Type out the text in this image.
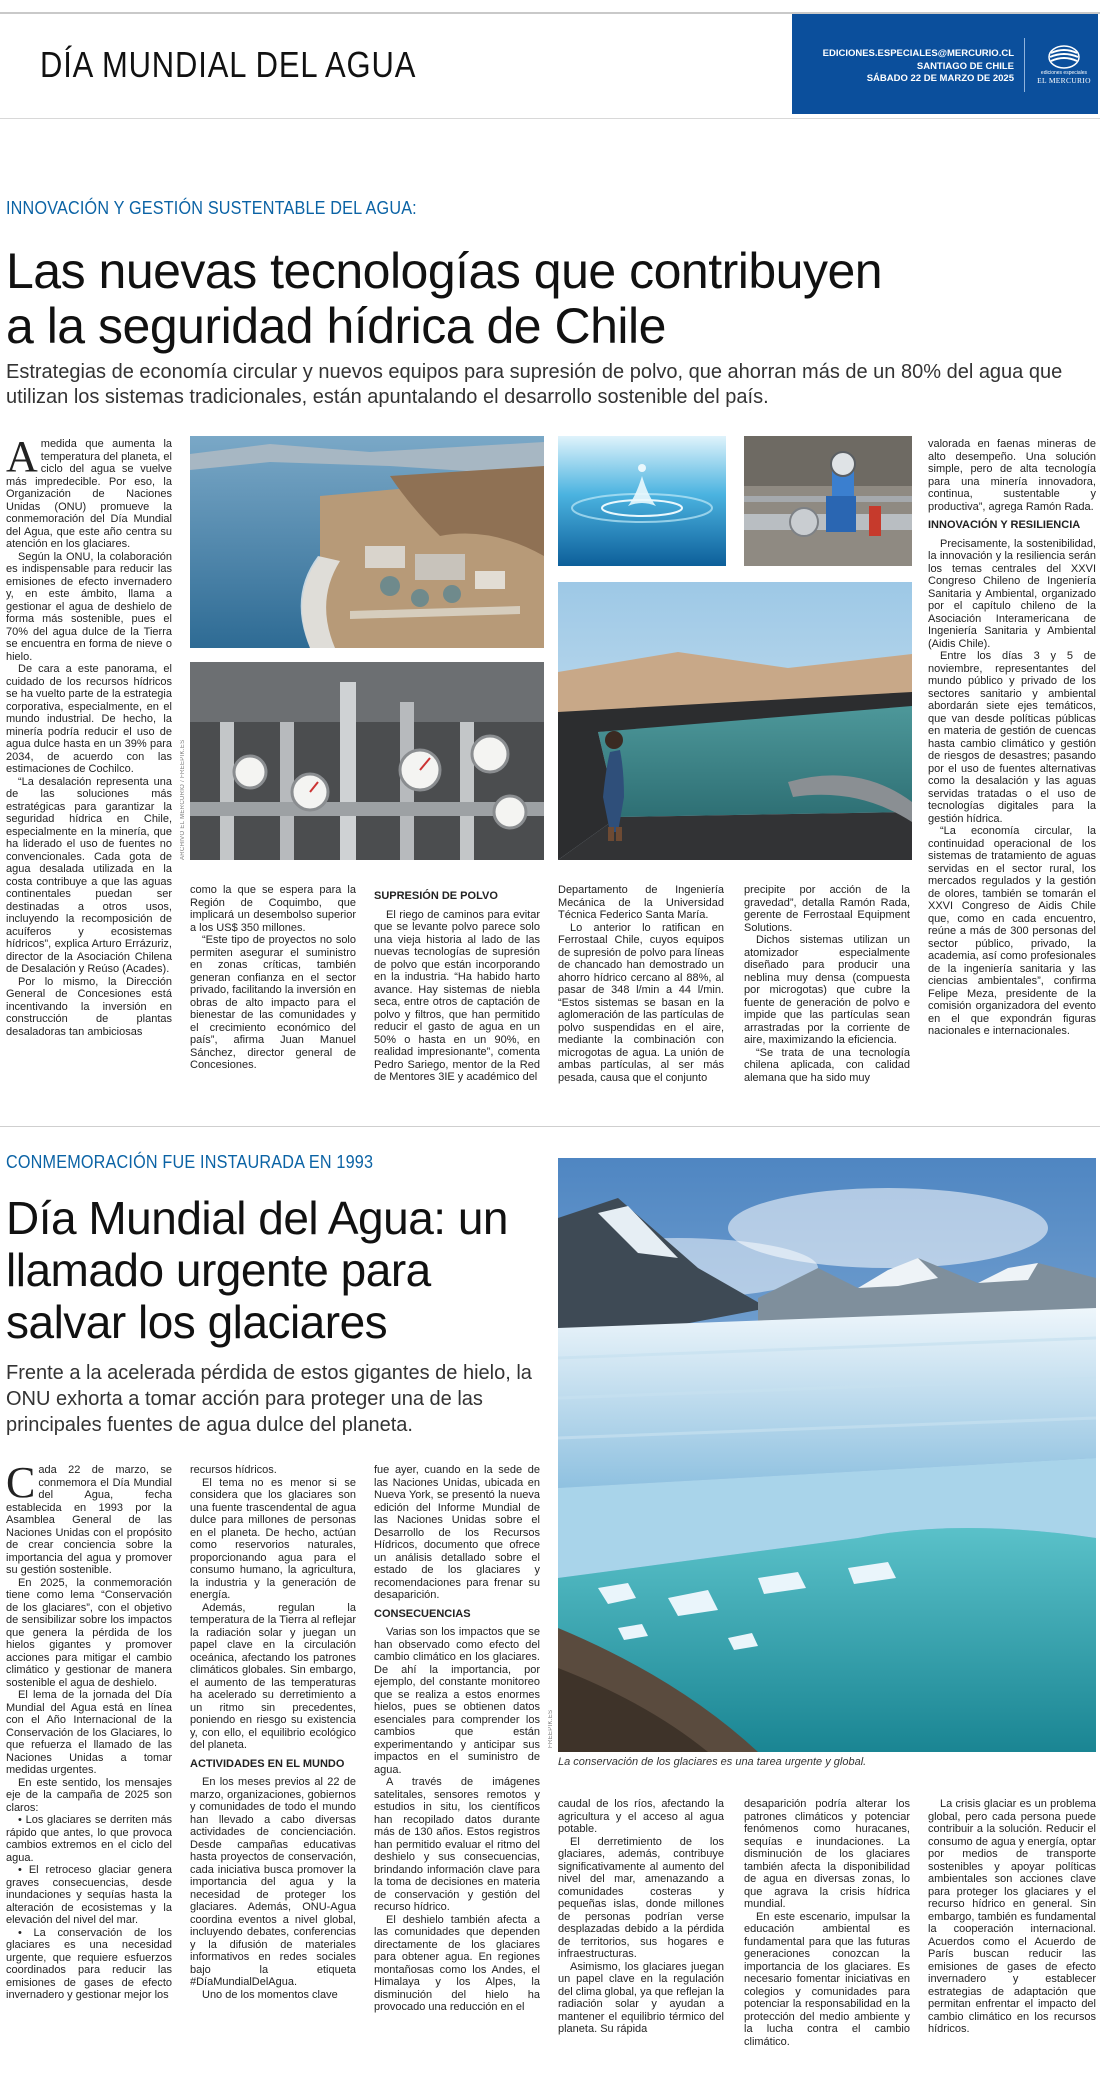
DÍA MUNDIAL DEL AGUA	EDICIONES.ESPECIALES@MERCURIO.CL
SANTIAGO DE CHILE
SÁBADO 22 DE MARZO DE 2025	ediciones especiales
EL MERCURIO
INNOVACIÓN Y GESTIÓN SUSTENTABLE DEL AGUA:
Las nuevas tecnologías que contribuyen
a la seguridad hídrica de Chile
Estrategias de economía circular y nuevos equipos para supresión de polvo, que ahorran más de un 80% del agua que utilizan los sistemas tradicionales, están apuntalando el desarrollo sostenible del país.
A medida que aumenta la temperatura del planeta, el ciclo del agua se vuelve más impredecible. Por eso, la Organización de Naciones Unidas (ONU) promueve la conmemoración del Día Mundial del Agua, que este año centra su atención en los glaciares.

Según la ONU, la colaboración es indispensable para reducir las emisiones de efecto invernadero y, en este ámbito, llama a gestionar el agua de deshielo de forma más sostenible, pues el 70% del agua dulce de la Tierra se encuentra en forma de nieve o hielo.

De cara a este panorama, el cuidado de los recursos hídricos se ha vuelto parte de la estrategia corporativa, especialmente, en el mundo industrial. De hecho, la minería podría reducir el uso de agua dulce hasta en un 39% para 2034, de acuerdo con las estimaciones de Cochilco.

“La desalación representa una de las soluciones más estratégicas para garantizar la seguridad hídrica en Chile, especialmente en la minería, que ha liderado el uso de fuentes no convencionales. Cada gota de agua desalada utilizada en la costa contribuye a que las aguas continentales puedan ser destinadas a otros usos, incluyendo la recomposición de acuíferos y ecosistemas hídricos”, explica Arturo Errázuriz, director de la Asociación Chilena de Desalación y Reúso (Acades).

Por lo mismo, la Dirección General de Concesiones está incentivando la inversión en construcción de plantas desaladoras tan ambiciosas

ARCHIVO EL MERCURIO / FREEPIK.ES

como la que se espera para la Región de Coquimbo, que implicará un desembolso superior a los US$ 350 millones.

“Este tipo de proyectos no solo permiten asegurar el suministro en zonas críticas, también generan confianza en el sector privado, facilitando la inversión en obras de alto impacto para el bienestar de las comunidades y el crecimiento económico del país”, afirma Juan Manuel Sánchez, director general de Concesiones.

SUPRESIÓN DE POLVO

El riego de caminos para evitar que se levante polvo parece solo una vieja historia al lado de las nuevas tecnologías de supresión de polvo que están incorporando en la industria. “Ha habido harto avance. Hay sistemas de niebla seca, entre otros de captación de polvo y filtros, que han permitido reducir el gasto de agua en un 50% o hasta en un 90%, en realidad impresionante”, comenta Pedro Sariego, mentor de la Red de Mentores 3IE y académico del

Departamento de Ingeniería Mecánica de la Universidad Técnica Federico Santa María.

Lo anterior lo ratifican en Ferrostaal Chile, cuyos equipos de supresión de polvo para líneas de chancado han demostrado un ahorro hídrico cercano al 88%, al pasar de 348 l/min a 44 l/min. “Estos sistemas se basan en la aglomeración de las partículas de polvo suspendidas en el aire, mediante la combinación con microgotas de agua. La unión de ambas partículas, al ser más pesada, causa que el conjunto

precipite por acción de la gravedad”, detalla Ramón Rada, gerente de Ferrostaal Equipment Solutions.

Dichos sistemas utilizan un atomizador especialmente diseñado para producir una neblina muy densa (compuesta por microgotas) que cubre la fuente de generación de polvo e impide que las partículas sean arrastradas por la corriente de aire, maximizando la eficiencia.

“Se trata de una tecnología chilena aplicada, con calidad alemana que ha sido muy

valorada en faenas mineras de alto desempeño. Una solución simple, pero de alta tecnología para una minería innovadora, continua, sustentable y productiva”, agrega Ramón Rada.

INNOVACIÓN Y RESILIENCIA

Precisamente, la sostenibilidad, la innovación y la resiliencia serán los temas centrales del XXVI Congreso Chileno de Ingeniería Sanitaria y Ambiental, organizado por el capítulo chileno de la Asociación Interamericana de Ingeniería Sanitaria y Ambiental (Aidis Chile).

Entre los días 3 y 5 de noviembre, representantes del mundo público y privado de los sectores sanitario y ambiental abordarán siete ejes temáticos, que van desde políticas públicas en materia de gestión de cuencas hasta cambio climático y gestión de riesgos de desastres; pasando por el uso de fuentes alternativas como la desalación y las aguas servidas tratadas o el uso de tecnologías digitales para la gestión hídrica.

“La economía circular, la continuidad operacional de los sistemas de tratamiento de aguas servidas en el sector rural, los mercados regulados y la gestión de olores, también se tomarán el XXVI Congreso de Aidis Chile que, como en cada encuentro, reúne a más de 300 personas del sector público, privado, la academia, así como profesionales de la ingeniería sanitaria y las ciencias ambientales”, confirma Felipe Meza, presidente de la comisión organizadora del evento en el que expondrán figuras nacionales e internacionales.

CONMEMORACIÓN FUE INSTAURADA EN 1993
Día Mundial del Agua: un
llamado urgente para
salvar los glaciares
Frente a la acelerada pérdida de estos gigantes de hielo, la ONU exhorta a tomar acción para proteger una de las principales fuentes de agua dulce del planeta.
FREEPIK.ES
La conservación de los glaciares es una tarea urgente y global.
C ada 22 de marzo, se conmemora el Día Mundial del Agua, fecha establecida en 1993 por la Asamblea General de las Naciones Unidas con el propósito de crear conciencia sobre la importancia del agua y promover su gestión sostenible.

En 2025, la conmemoración tiene como lema “Conservación de los glaciares”, con el objetivo de sensibilizar sobre los impactos que genera la pérdida de los hielos gigantes y promover acciones para mitigar el cambio climático y gestionar de manera sostenible el agua de deshielo.

El lema de la jornada del Día Mundial del Agua está en línea con el Año Internacional de la Conservación de los Glaciares, lo que refuerza el llamado de las Naciones Unidas a tomar medidas urgentes.

En este sentido, los mensajes eje de la campaña de 2025 son claros:

• Los glaciares se derriten más rápido que antes, lo que provoca cambios extremos en el ciclo del agua.

• El retroceso glaciar genera graves consecuencias, desde inundaciones y sequías hasta la alteración de ecosistemas y la elevación del nivel del mar.

• La conservación de los glaciares es una necesidad urgente, que requiere esfuerzos coordinados para reducir las emisiones de gases de efecto invernadero y gestionar mejor los

recursos hídricos.

El tema no es menor si se considera que los glaciares son una fuente trascendental de agua dulce para millones de personas en el planeta. De hecho, actúan como reservorios naturales, proporcionando agua para el consumo humano, la agricultura, la industria y la generación de energía.

Además, regulan la temperatura de la Tierra al reflejar la radiación solar y juegan un papel clave en la circulación oceánica, afectando los patrones climáticos globales. Sin embargo, el aumento de las temperaturas ha acelerado su derretimiento a un ritmo sin precedentes, poniendo en riesgo su existencia y, con ello, el equilibrio ecológico del planeta.

ACTIVIDADES EN EL MUNDO

En los meses previos al 22 de marzo, organizaciones, gobiernos y comunidades de todo el mundo han llevado a cabo diversas actividades de concienciación. Desde campañas educativas hasta proyectos de conservación, cada iniciativa busca promover la importancia del agua y la necesidad de proteger los glaciares. Además, ONU-Agua coordina eventos a nivel global, incluyendo debates, conferencias y la difusión de materiales informativos en redes sociales bajo la etiqueta #DíaMundialDelAgua.

Uno de los momentos clave

fue ayer, cuando en la sede de las Naciones Unidas, ubicada en Nueva York, se presentó la nueva edición del Informe Mundial de las Naciones Unidas sobre el Desarrollo de los Recursos Hídricos, documento que ofrece un análisis detallado sobre el estado de los glaciares y recomendaciones para frenar su desaparición.

CONSECUENCIAS

Varias son los impactos que se han observado como efecto del cambio climático en los glaciares. De ahí la importancia, por ejemplo, del constante monitoreo que se realiza a estos enormes hielos, pues se obtienen datos esenciales para comprender los cambios que están experimentando y anticipar sus impactos en el suministro de agua.

A través de imágenes satelitales, sensores remotos y estudios in situ, los científicos han recopilado datos durante más de 130 años. Estos registros han permitido evaluar el ritmo del deshielo y sus consecuencias, brindando información clave para la toma de decisiones en materia de conservación y gestión del recurso hídrico.

El deshielo también afecta a las comunidades que dependen directamente de los glaciares para obtener agua. En regiones montañosas como los Andes, el Himalaya y los Alpes, la disminución del hielo ha provocado una reducción en el

caudal de los ríos, afectando la agricultura y el acceso al agua potable.

El derretimiento de los glaciares, además, contribuye significativamente al aumento del nivel del mar, amenazando a comunidades costeras y pequeñas islas, donde millones de personas podrían verse desplazadas debido a la pérdida de territorios, sus hogares e infraestructuras.

Asimismo, los glaciares juegan un papel clave en la regulación del clima global, ya que reflejan la radiación solar y ayudan a mantener el equilibrio térmico del planeta. Su rápida

desaparición podría alterar los patrones climáticos y potenciar fenómenos como huracanes, sequías e inundaciones. La disminución de los glaciares también afecta la disponibilidad de agua en diversas zonas, lo que agrava la crisis hídrica mundial.

En este escenario, impulsar la educación ambiental es fundamental para que las futuras generaciones conozcan la importancia de los glaciares. Es necesario fomentar iniciativas en colegios y comunidades para potenciar la responsabilidad en la protección del medio ambiente y la lucha contra el cambio climático.

La crisis glaciar es un problema global, pero cada persona puede contribuir a la solución. Reducir el consumo de agua y energía, optar por medios de transporte sostenibles y apoyar políticas ambientales son acciones clave para proteger los glaciares y el recurso hídrico en general. Sin embargo, también es fundamental la cooperación internacional. Acuerdos como el Acuerdo de París buscan reducir las emisiones de gases de efecto invernadero y establecer estrategias de adaptación que permitan enfrentar el impacto del cambio climático en los recursos hídricos.
